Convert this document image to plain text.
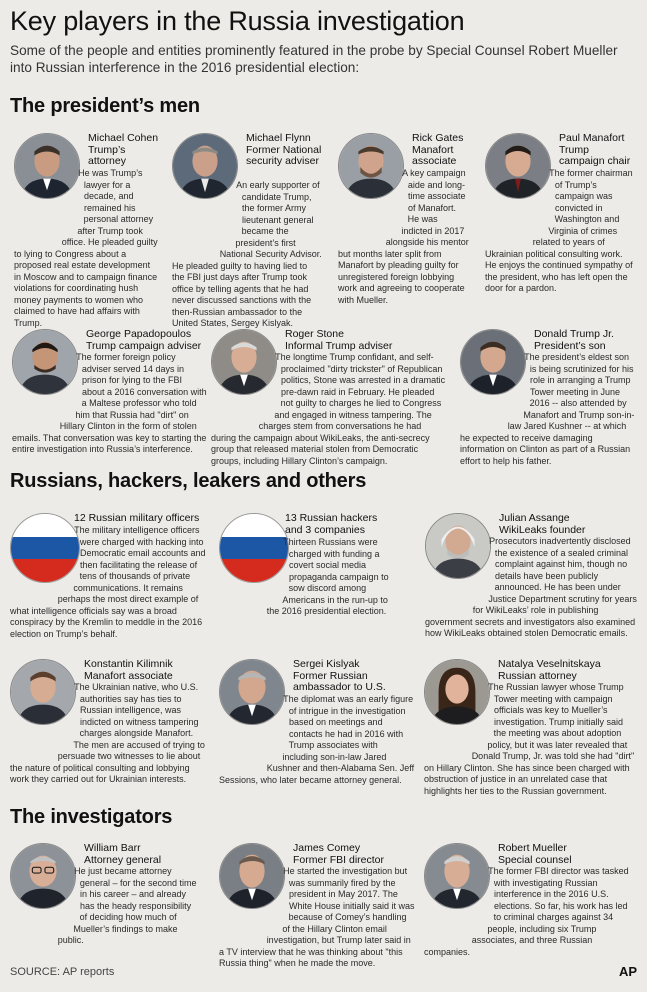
Key players in the Russia investigation
Some of the people and entities prominently featured in the probe by Special Counsel Robert Mueller into Russian interference in the 2016 presidential election:
The president’s men
Michael Cohen
Trump’s attorney

He was Trump’s lawyer for a decade, and remained his personal attorney after Trump took office. He pleaded guilty to lying to Congress about a proposed real estate development in Moscow and to campaign finance violations for coordinating hush money payments to women who claimed to have had affairs with Trump.

Michael Flynn
Former National security adviser

An early supporter of candidate Trump, the former Army lieutenant general became the president’s first National Security Advisor. He pleaded guilty to having lied to the FBI just days after Trump took office by telling agents that he had never discussed sanctions with the then-Russian ambassador to the United States, Sergey Kislyak.

Rick Gates
Manafort associate

A key campaign aide and long-time associate of Manafort. He was indicted in 2017 alongside his mentor but months later split from Manafort by pleading guilty for unregistered foreign lobbying work and agreeing to cooperate with Mueller.

Paul Manafort
Trump campaign chair

The former chairman of Trump’s campaign was convicted in Washington and Virginia of crimes related to years of Ukrainian political consulting work. He enjoys the continued sympathy of the president, who has left open the door for a pardon.

George Papadopoulos
Trump campaign adviser

The former foreign policy adviser served 14 days in prison for lying to the FBI about a 2016 conversation with a Maltese professor who told him that Russia had "dirt" on Hillary Clinton in the form of stolen emails. That conversation was key to starting the entire investigation into Russia’s interference.

Roger Stone
Informal Trump adviser

The longtime Trump confidant, and self-proclaimed "dirty trickster" of Republican politics, Stone was arrested in a dramatic pre-dawn raid in February. He pleaded not guilty to charges he lied to Congress and engaged in witness tampering. The charges stem from conversations he had during the campaign about WikiLeaks, the anti-secrecy group that released material stolen from Democratic groups, including Hillary Clinton’s campaign.

Donald Trump Jr.
President’s son

The president’s eldest son is being scrutinized for his role in arranging a Trump Tower meeting in June 2016 -- also attended by Manafort and Trump son-in-law Jared Kushner -- at which he expected to receive damaging information on Clinton as part of a Russian effort to help his father.

Russians, hackers, leakers and others
12 Russian military officers

The military intelligence officers were charged with hacking into Democratic email accounts and then facilitating the release of tens of thousands of private communications. It remains perhaps the most direct example of what intelligence officials say was a broad conspiracy by the Kremlin to meddle in the 2016 election on Trump’s behalf.

13 Russian hackers and 3 companies

Thirteen Russians were charged with funding a covert social media propaganda campaign to sow discord among Americans in the run-up to the 2016 presidential election.

Julian Assange
WikiLeaks founder

Prosecutors inadvertently disclosed the existence of a sealed criminal complaint against him, though no details have been publicly announced. He has been under Justice Department scrutiny for years for WikiLeaks’ role in publishing government secrets and investigators also examined how WikiLeaks obtained stolen Democratic emails.

Konstantin Kilimnik
Manafort associate

The Ukrainian native, who U.S. authorities say has ties to Russian intelligence, was indicted on witness tampering charges alongside Manafort. The men are accused of trying to persuade two witnesses to lie about the nature of political consulting and lobbying work they carried out for Ukrainian interests.

Sergei Kislyak
Former Russian ambassador to U.S.

The diplomat was an early figure of intrigue in the investigation based on meetings and contacts he had in 2016 with Trump associates with including son-in-law Jared Kushner and then-Alabama Sen. Jeff Sessions, who later became attorney general.

Natalya Veselnitskaya
Russian attorney

The Russian lawyer whose Trump Tower meeting with campaign officials was key to Mueller’s investigation. Trump initially said the meeting was about adoption policy, but it was later revealed that Donald Trump, Jr. was told she had "dirt" on Hillary Clinton. She has since been charged with obstruction of justice in an unrelated case that highlights her ties to the Russian government.

The investigators
William Barr
Attorney general

He just became attorney general – for the second time in his career – and already has the heady responsibility of deciding how much of Mueller’s findings to make public.

James Comey
Former FBI director

He started the investigation but was summarily fired by the president in May 2017. The White House initially said it was because of Comey’s handling of the Hillary Clinton email investigation, but Trump later said in a TV interview that he was thinking about "this Russia thing" when he made the move.

Robert Mueller
Special counsel

The former FBI director was tasked with investigating Russian interference in the 2016 U.S. elections. So far, his work has led to criminal charges against 34 people, including six Trump associates, and three Russian companies.

SOURCE: AP reports	AP
